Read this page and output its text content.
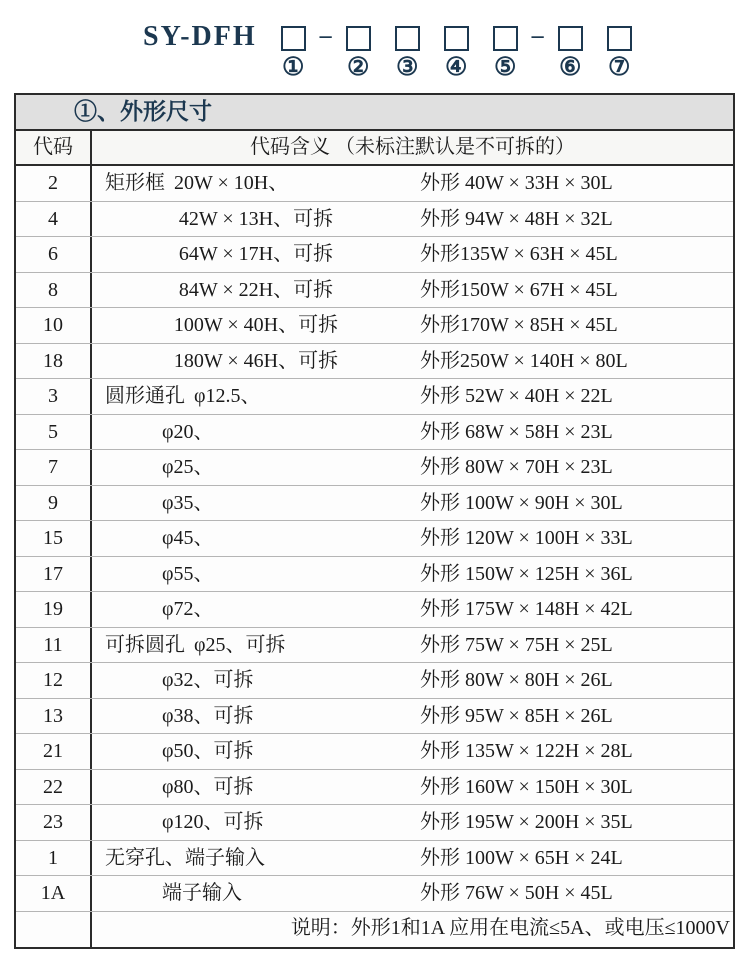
SY-DFH
①
–
② ③ ④ ⑤
–
⑥ ⑦
①、外形尺寸
代码	代码含义 （未标注默认是不可拆的）
2	矩形框 20W × 10H、	外形 40W × 33H × 30L
4	42W × 13H、可拆	外形 94W × 48H × 32L
6	64W × 17H、可拆	外形135W × 63H × 45L
8	84W × 22H、可拆	外形150W × 67H × 45L
10	100W × 40H、可拆	外形170W × 85H × 45L
18	180W × 46H、可拆	外形250W × 140H × 80L
3	圆形通孔 φ12.5、	外形 52W × 40H × 22L
5	φ20、	外形 68W × 58H × 23L
7	φ25、	外形 80W × 70H × 23L
9	φ35、	外形 100W × 90H × 30L
15	φ45、	外形 120W × 100H × 33L
17	φ55、	外形 150W × 125H × 36L
19	φ72、	外形 175W × 148H × 42L
11	可拆圆孔 φ25、可拆	外形 75W × 75H × 25L
12	φ32、可拆	外形 80W × 80H × 26L
13	φ38、可拆	外形 95W × 85H × 26L
21	φ50、可拆	外形 135W × 122H × 28L
22	φ80、可拆	外形 160W × 150H × 30L
23	φ120、可拆	外形 195W × 200H × 35L
1	无穿孔、端子输入	外形 100W × 65H × 24L
1A	端子输入	外形 76W × 50H × 45L
说明：外形1和1A 应用在电流≤5A、或电压≤1000V
